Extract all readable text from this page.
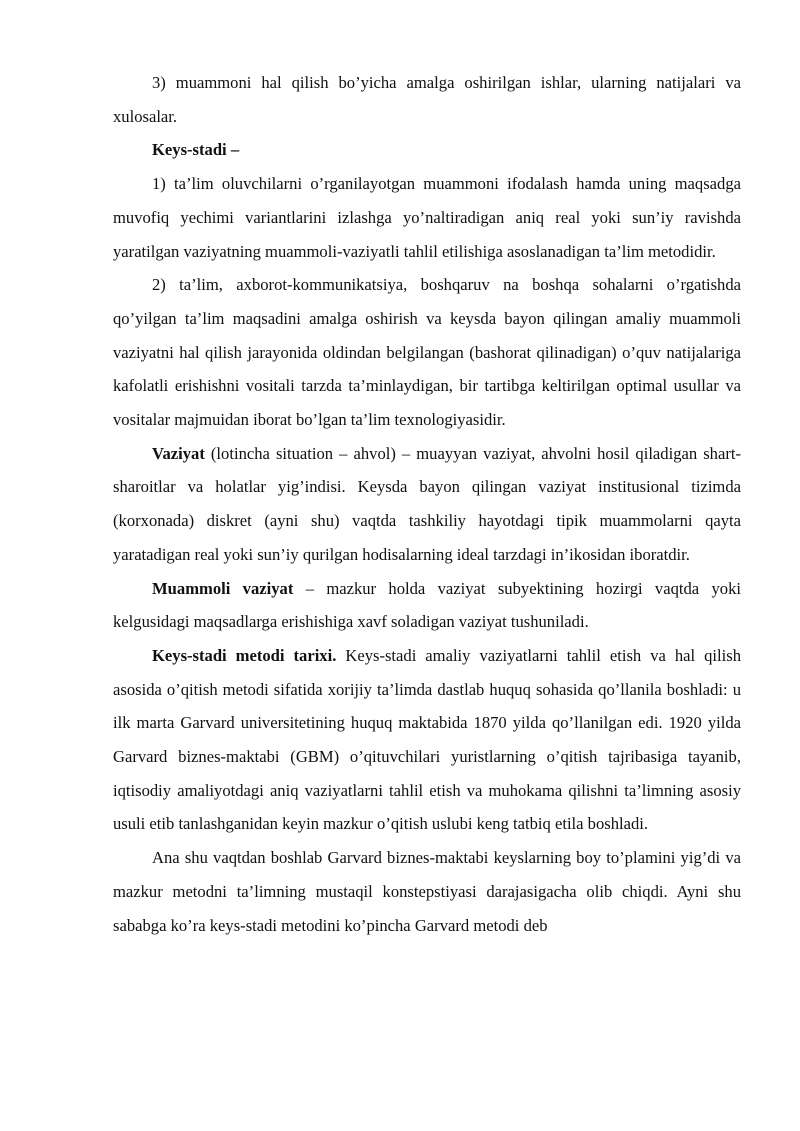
3) muammoni hal qilish bo’yicha amalga oshirilgan ishlar, ularning natijalari va xulosalar.

Keys-stadi –

1) ta’lim oluvchilarni o’rganilayotgan muammoni ifodalash hamda uning maqsadga muvofiq yechimi variantlarini izlashga yo’naltiradigan aniq real yoki sun’iy ravishda yaratilgan vaziyatning muammoli-vaziyatli tahlil etilishiga asoslanadigan ta’lim metodidir.

2) ta’lim, axborot-kommunikatsiya, boshqaruv na boshqa sohalarni o’rgatishda qo’yilgan ta’lim maqsadini amalga oshirish va keysda bayon qilingan amaliy muammoli vaziyatni hal qilish jarayonida oldindan belgilangan (bashorat qilinadigan) o’quv natijalariga kafolatli erishishni vositali tarzda ta’minlaydigan, bir tartibga keltirilgan optimal usullar va vositalar majmuidan iborat bo’lgan ta’lim texnologiyasidir.

Vaziyat (lotincha situation – ahvol) – muayyan vaziyat, ahvolni hosil qiladigan shart-sharoitlar va holatlar yig’indisi. Keysda bayon qilingan vaziyat institusional tizimda (korxonada) diskret (ayni shu) vaqtda tashkiliy hayotdagi tipik muammolarni qayta yaratadigan real yoki sun’iy qurilgan hodisalarning ideal tarzdagi in’ikosidan iboratdir.

Muammoli vaziyat – mazkur holda vaziyat subyektining hozirgi vaqtda yoki kelgusidagi maqsadlarga erishishiga xavf soladigan vaziyat tushuniladi.

Keys-stadi metodi tarixi. Keys-stadi amaliy vaziyatlarni tahlil etish va hal qilish asosida o’qitish metodi sifatida xorijiy ta’limda dastlab huquq sohasida qo’llanila boshladi: u ilk marta Garvard universitetining huquq maktabida 1870 yilda qo’llanilgan edi. 1920 yilda Garvard biznes-maktabi (GBM) o’qituvchilari yuristlarning o’qitish tajribasiga tayanib, iqtisodiy amaliyotdagi aniq vaziyatlarni tahlil etish va muhokama qilishni ta’limning asosiy usuli etib tanlashganidan keyin mazkur o’qitish uslubi keng tatbiq etila boshladi.

Ana shu vaqtdan boshlab Garvard biznes-maktabi keyslarning boy to’plamini yig’di va mazkur metodni ta’limning mustaqil konstepstiyasi darajasigacha olib chiqdi. Ayni shu sababga ko’ra keys-stadi metodini ko’pincha Garvard metodi deb
